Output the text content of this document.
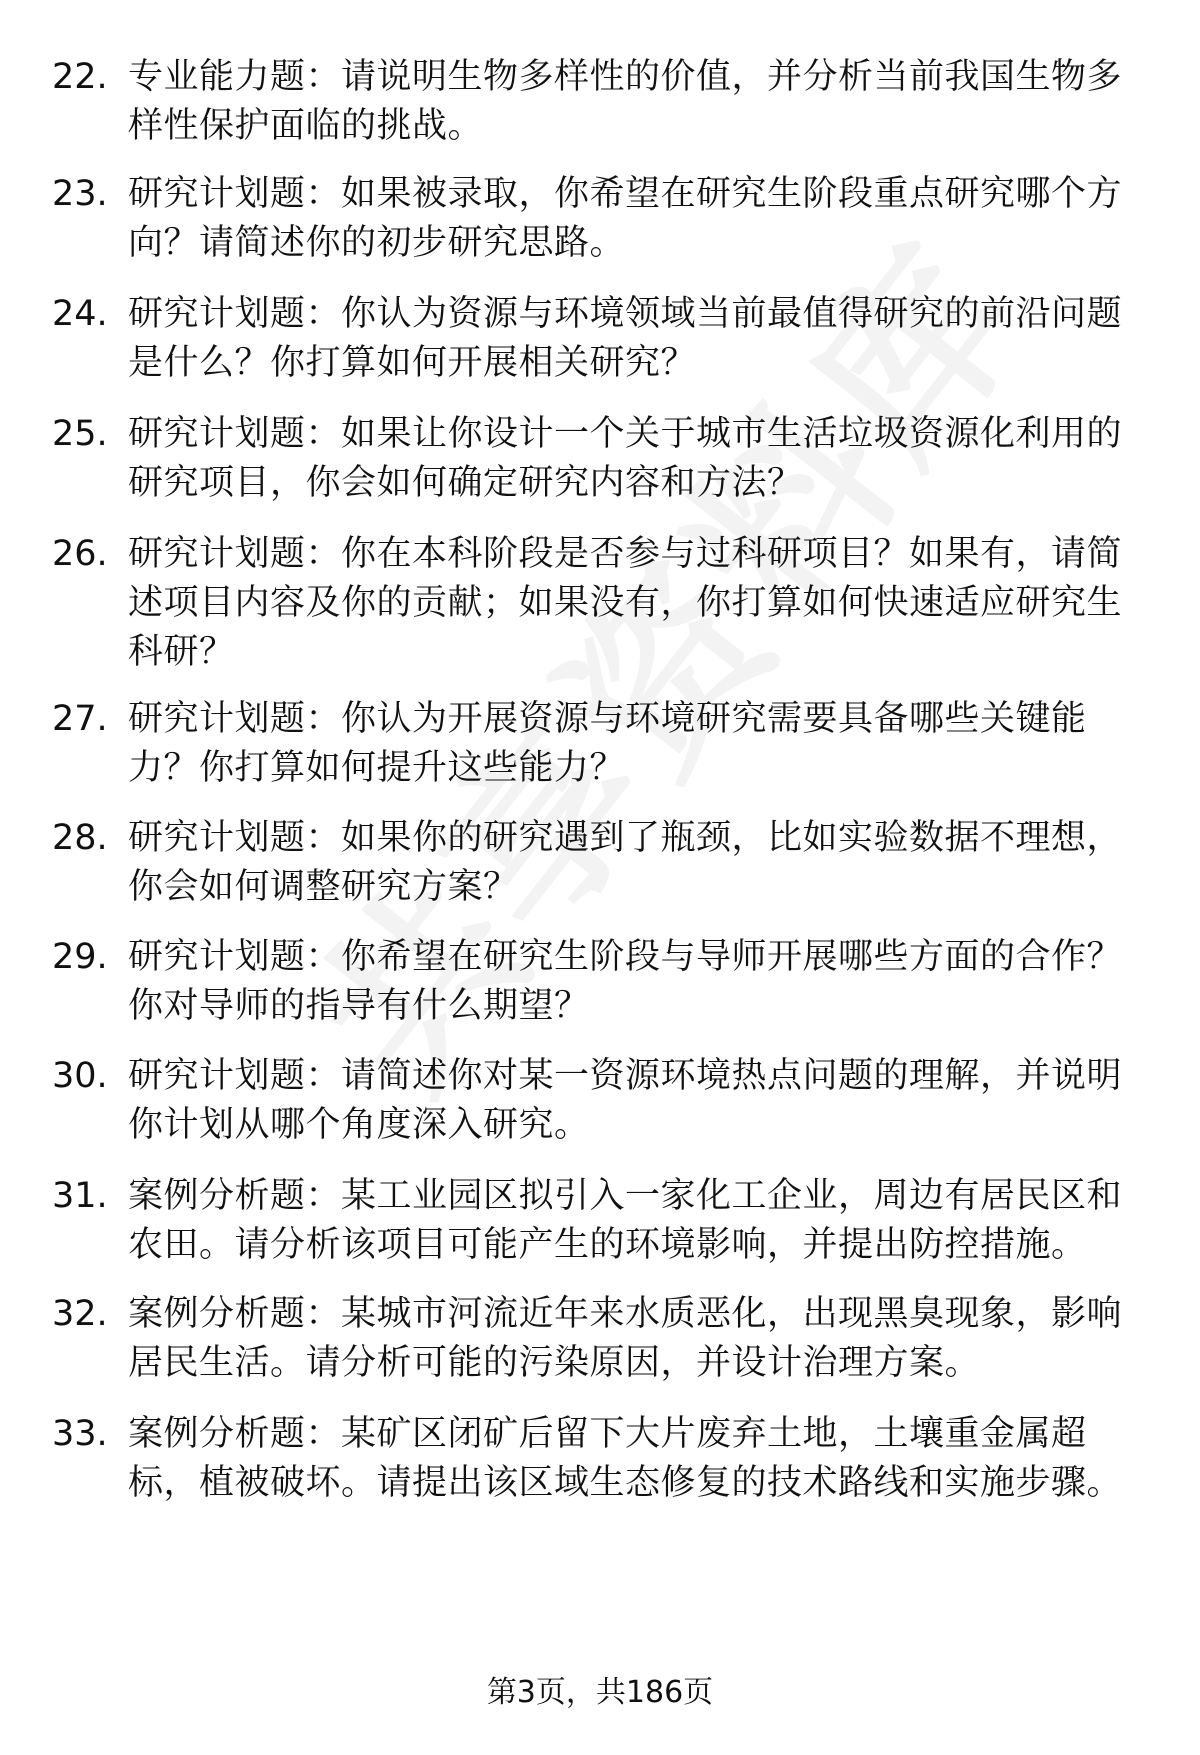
22. 专业能力题：请说明生物多样性的价值，并分析当前我国生物多样性保护面临的挑战。
23. 研究计划题：如果被录取，你希望在研究生阶段重点研究哪个方向？请简述你的初步研究思路。
24. 研究计划题：你认为资源与环境领域当前最值得研究的前沿问题是什么？你打算如何开展相关研究？
25. 研究计划题：如果让你设计一个关于城市生活垃圾资源化利用的研究项目，你会如何确定研究内容和方法？
26. 研究计划题：你在本科阶段是否参与过科研项目？如果有，请简述项目内容及你的贡献；如果没有，你打算如何快速适应研究生科研？
27. 研究计划题：你认为开展资源与环境研究需要具备哪些关键能力？你打算如何提升这些能力？
28. 研究计划题：如果你的研究遇到了瓶颈，比如实验数据不理想，你会如何调整研究方案？
29. 研究计划题：你希望在研究生阶段与导师开展哪些方面的合作？你对导师的指导有什么期望？
30. 研究计划题：请简述你对某一资源环境热点问题的理解，并说明你计划从哪个角度深入研究。
31. 案例分析题：某工业园区拟引入一家化工企业，周边有居民区和农田。请分析该项目可能产生的环境影响，并提出防控措施。
32. 案例分析题：某城市河流近年来水质恶化，出现黑臭现象，影响居民生活。请分析可能的污染原因，并设计治理方案。
33. 案例分析题：某矿区闭矿后留下大片废弃土地，土壤重金属超标，植被破坏。请提出该区域生态修复的技术路线和实施步骤。
第3页，共186页
